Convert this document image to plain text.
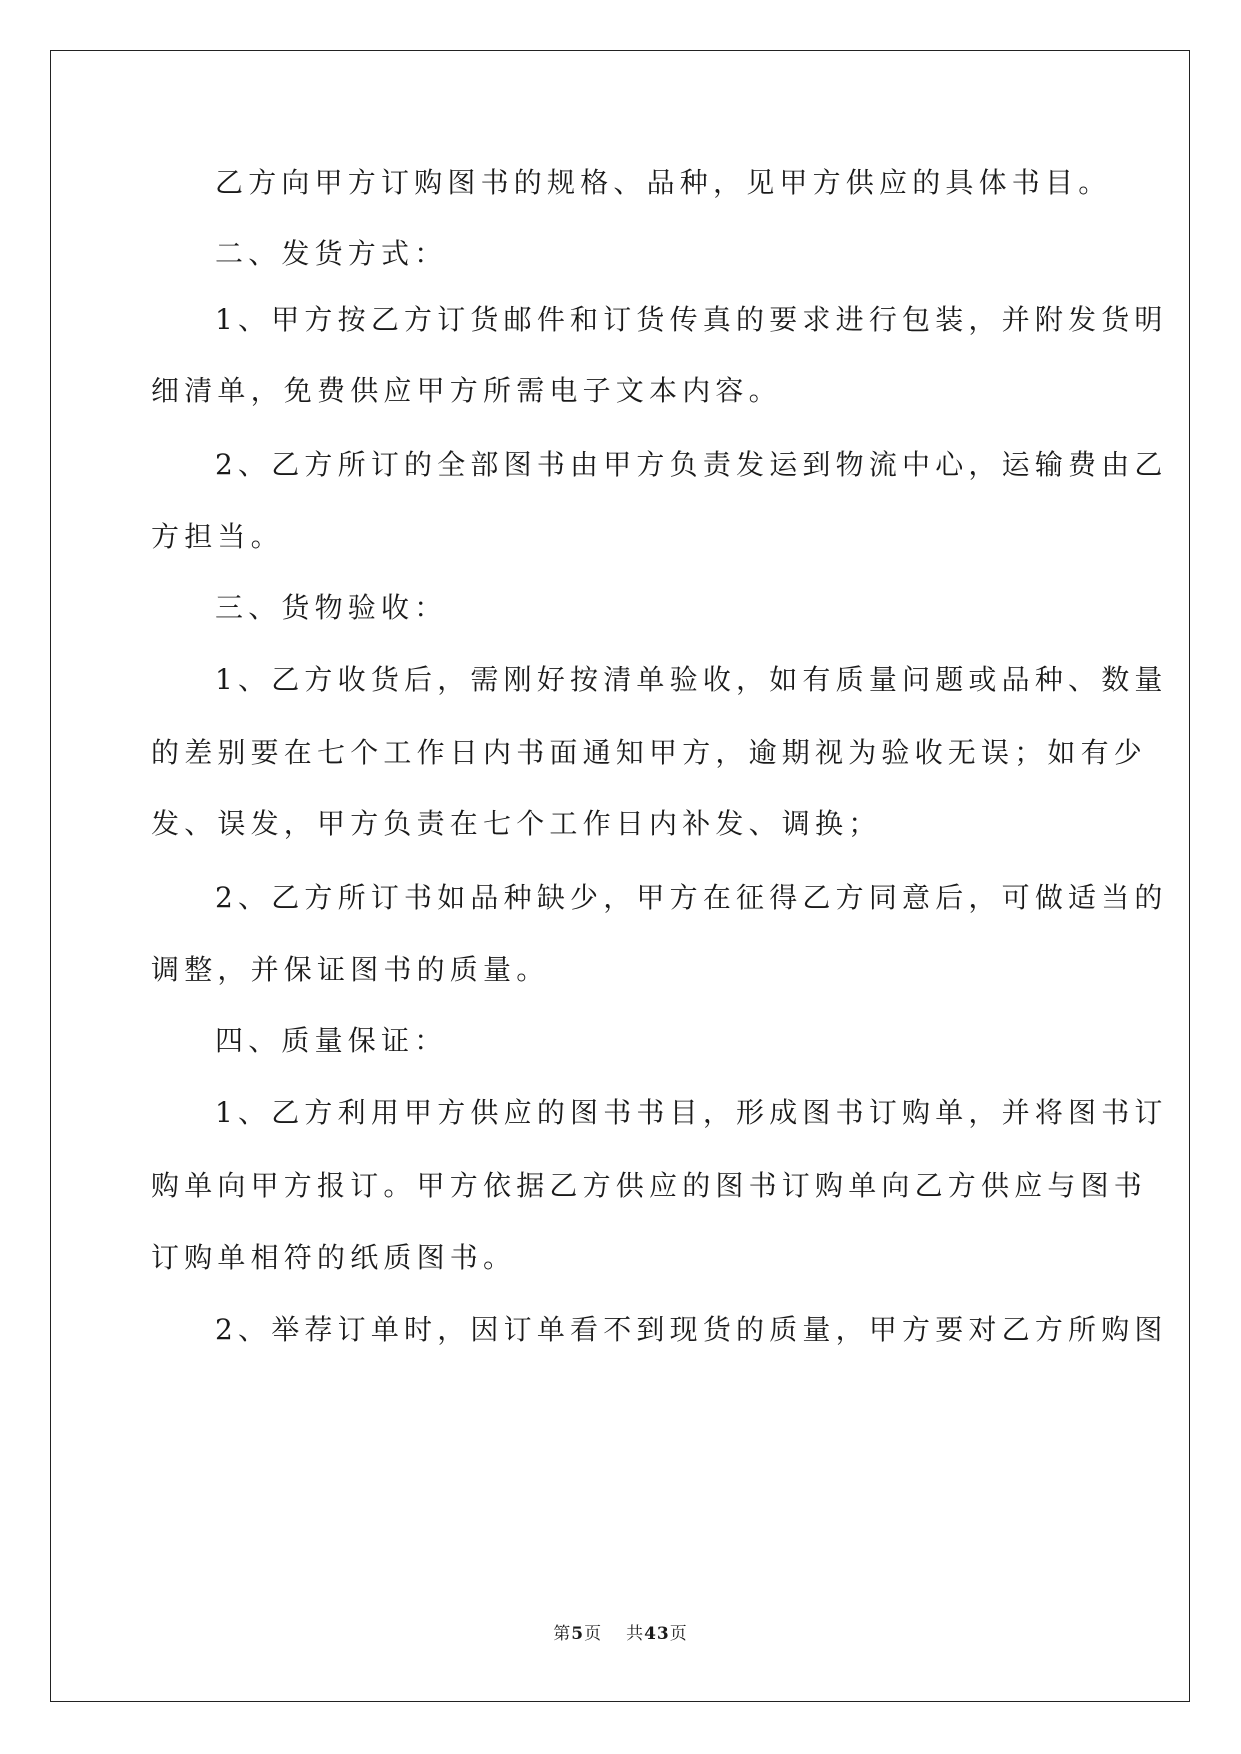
乙方向甲方订购图书的规格、品种，见甲方供应的具体书目。
二、发货方式：
1、甲方按乙方订货邮件和订货传真的要求进行包装，并附发货明
细清单，免费供应甲方所需电子文本内容。
2、乙方所订的全部图书由甲方负责发运到物流中心，运输费由乙
方担当。
三、货物验收：
1、乙方收货后，需刚好按清单验收，如有质量问题或品种、数量
的差别要在七个工作日内书面通知甲方，逾期视为验收无误；如有少
发、误发，甲方负责在七个工作日内补发、调换；
2、乙方所订书如品种缺少，甲方在征得乙方同意后，可做适当的
调整，并保证图书的质量。
四、质量保证：
1、乙方利用甲方供应的图书书目，形成图书订购单，并将图书订
购单向甲方报订。甲方依据乙方供应的图书订购单向乙方供应与图书
订购单相符的纸质图书。
2、举荐订单时，因订单看不到现货的质量，甲方要对乙方所购图
第5页 共43页
